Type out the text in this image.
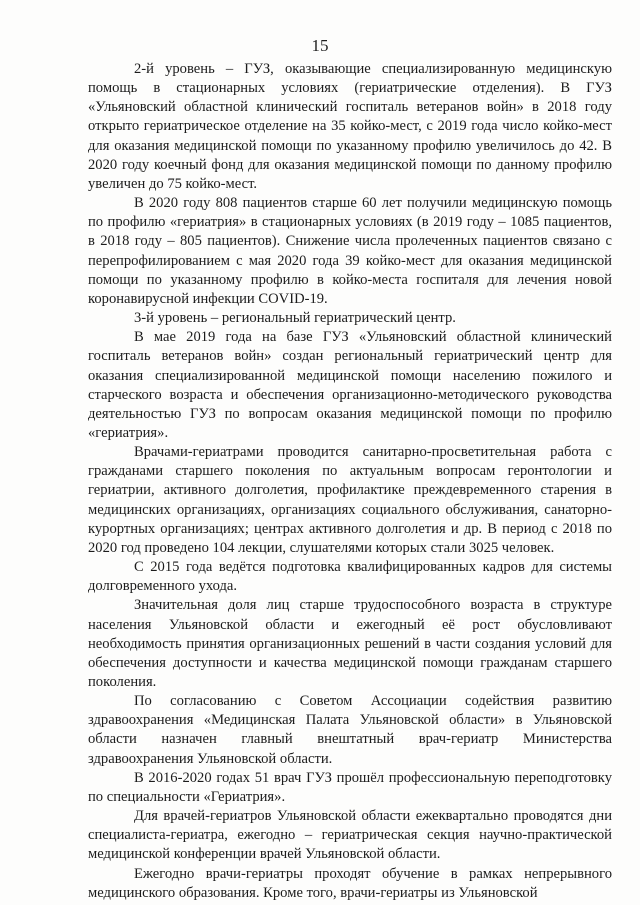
15

2-й уровень – ГУЗ, оказывающие специализированную медицинскую помощь в стационарных условиях (гериатрические отделения). В ГУЗ «Ульяновский областной клинический госпиталь ветеранов войн» в 2018 году открыто гериатрическое отделение на 35 койко-мест, с 2019 года число койко-мест для оказания медицинской помощи по указанному профилю увеличилось до 42. В 2020 году коечный фонд для оказания медицинской помощи по данному профилю увеличен до 75 койко-мест.

В 2020 году 808 пациентов старше 60 лет получили медицинскую помощь по профилю «гериатрия» в стационарных условиях (в 2019 году – 1085 пациентов, в 2018 году – 805 пациентов). Снижение числа пролеченных пациентов связано с перепрофилированием с мая 2020 года 39 койко-мест для оказания медицинской помощи по указанному профилю в койко-места госпиталя для лечения новой коронавирусной инфекции COVID-19.

3-й уровень – региональный гериатрический центр.

В мае 2019 года на базе ГУЗ «Ульяновский областной клинический госпиталь ветеранов войн» создан региональный гериатрический центр для оказания специализированной медицинской помощи населению пожилого и старческого возраста и обеспечения организационно-методического руководства деятельностью ГУЗ по вопросам оказания медицинской помощи по профилю «гериатрия».

Врачами-гериатрами проводится санитарно-просветительная работа с гражданами старшего поколения по актуальным вопросам геронтологии и гериатрии, активного долголетия, профилактике преждевременного старения в медицинских организациях, организациях социального обслуживания, санаторно-курортных организациях; центрах активного долголетия и др. В период с 2018 по 2020 год проведено 104 лекции, слушателями которых стали 3025 человек.

С 2015 года ведётся подготовка квалифицированных кадров для системы долговременного ухода.

Значительная доля лиц старше трудоспособного возраста в структуре населения Ульяновской области и ежегодный её рост обусловливают необходимость принятия организационных решений в части создания условий для обеспечения доступности и качества медицинской помощи гражданам старшего поколения.

По согласованию с Советом Ассоциации содействия развитию здравоохранения «Медицинская Палата Ульяновской области» в Ульяновской области назначен главный внештатный врач-гериатр Министерства здравоохранения Ульяновской области.

В 2016-2020 годах 51 врач ГУЗ прошёл профессиональную переподготовку по специальности «Гериатрия».

Для врачей-гериатров Ульяновской области ежеквартально проводятся дни специалиста-гериатра, ежегодно – гериатрическая секция научно-практической медицинской конференции врачей Ульяновской области.

Ежегодно врачи-гериатры проходят обучение в рамках непрерывного медицинского образования. Кроме того, врачи-гериатры из Ульяновской
